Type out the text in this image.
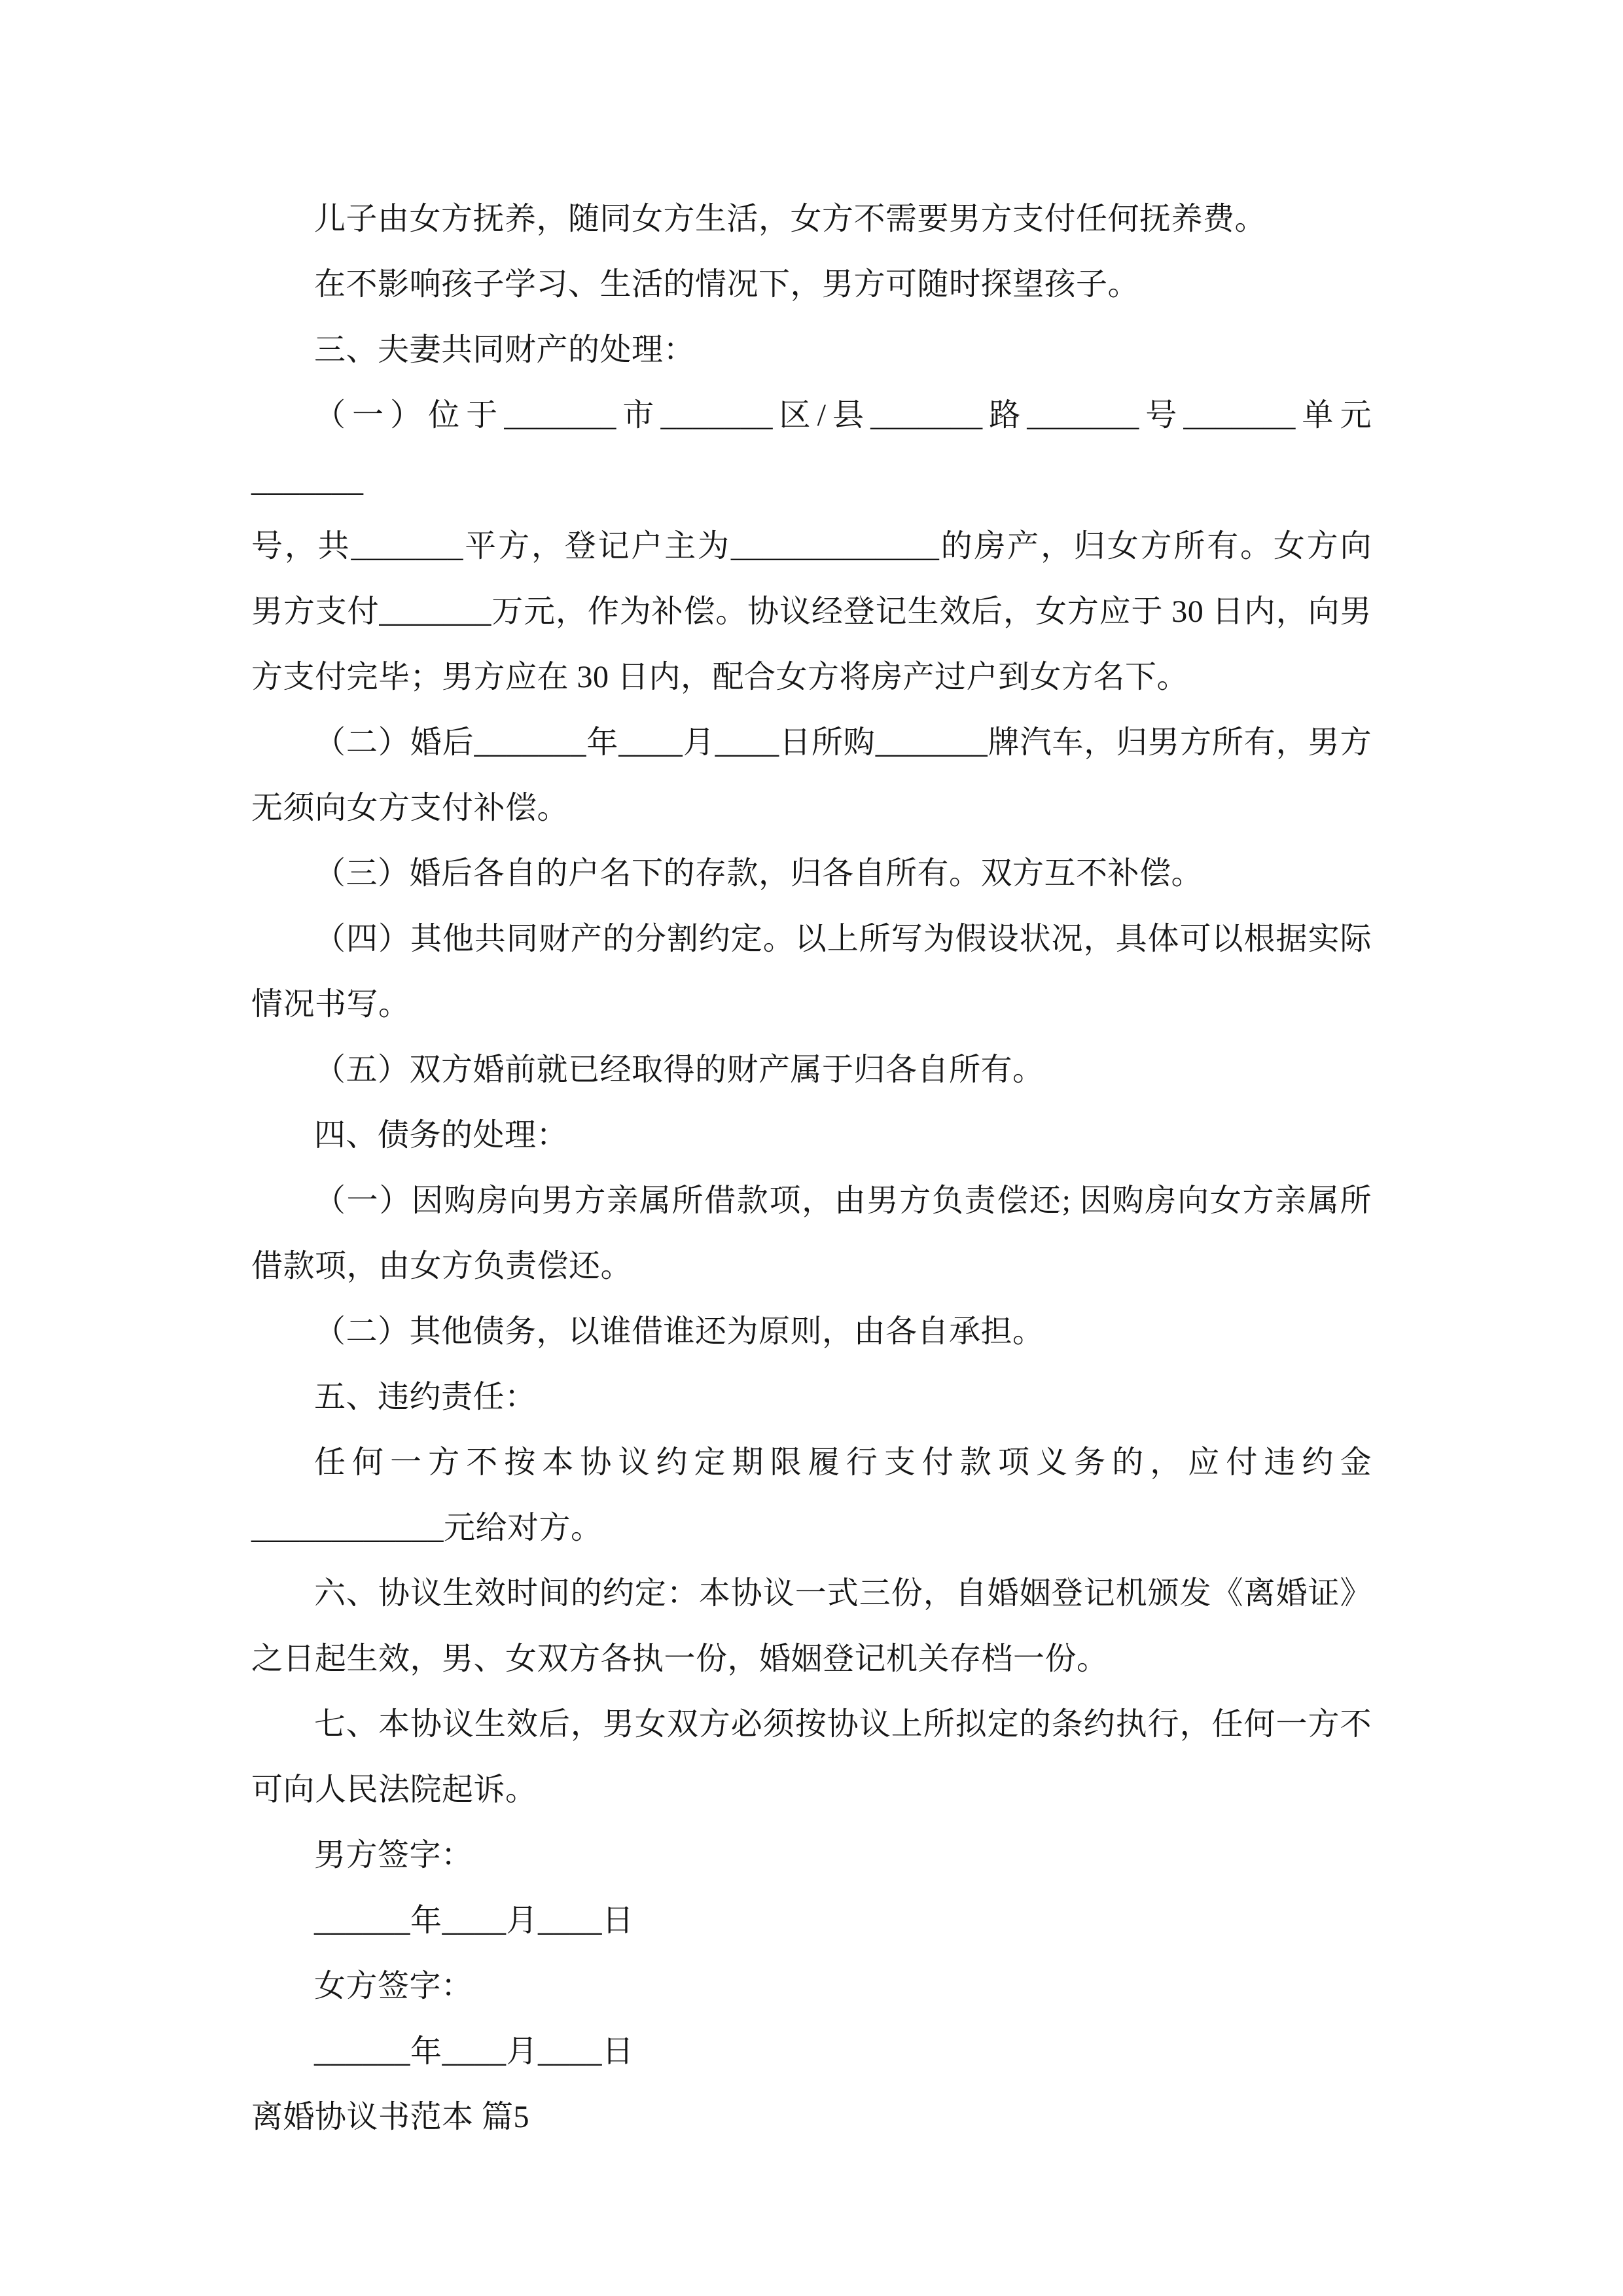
儿子由女方抚养，随同女方生活，女方不需要男方支付任何抚养费。

在不影响孩子学习、生活的情况下，男方可随时探望孩子。

三、夫妻共同财产的处理：

（一）位于_______市_______区/县_______路_______号_______单元_______

号，共_______平方，登记户主为_____________的房产，归女方所有。女方向

男方支付_______万元，作为补偿。协议经登记生效后，女方应于 30 日内，向男

方支付完毕；男方应在 30 日内，配合女方将房产过户到女方名下。

（二）婚后_______年____月____日所购_______牌汽车，归男方所有，男方

无须向女方支付补偿。

（三）婚后各自的户名下的存款，归各自所有。双方互不补偿。

（四）其他共同财产的分割约定。以上所写为假设状况，具体可以根据实际

情况书写。

（五）双方婚前就已经取得的财产属于归各自所有。

四、债务的处理：

（一）因购房向男方亲属所借款项，由男方负责偿还; 因购房向女方亲属所

借款项，由女方负责偿还。

（二）其他债务，以谁借谁还为原则，由各自承担。

五、违约责任：

任何一方不按本协议约定期限履行支付款项义务的，应付违约金

____________元给对方。

六、协议生效时间的约定：本协议一式三份，自婚姻登记机颁发《离婚证》

之日起生效，男、女双方各执一份，婚姻登记机关存档一份。

七、本协议生效后，男女双方必须按协议上所拟定的条约执行，任何一方不

可向人民法院起诉。

男方签字：

______年____月____日

女方签字：

______年____月____日

离婚协议书范本 篇5
